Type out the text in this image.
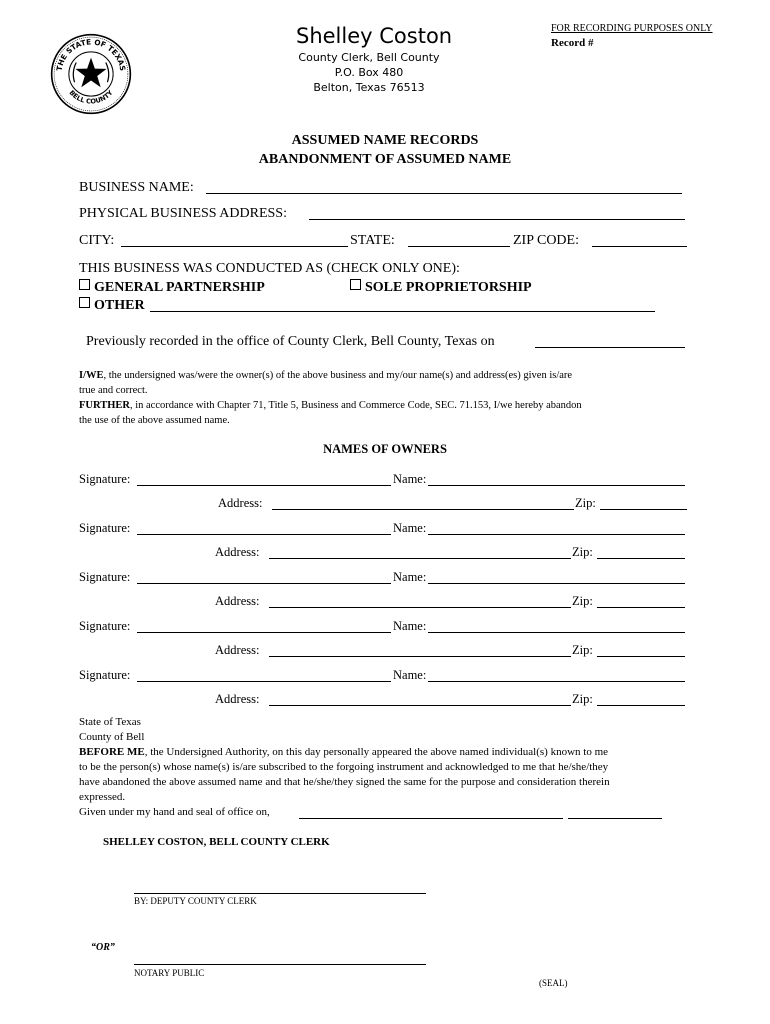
THE STATE OF TEXAS
BELL COUNTY
Shelley Coston
County Clerk, Bell County
P.O. Box 480
Belton, Texas 76513
FOR RECORDING PURPOSES ONLY
Record #
ASSUMED NAME RECORDS
ABANDONMENT OF ASSUMED NAME
BUSINESS NAME:
PHYSICAL BUSINESS ADDRESS:
CITY:	STATE:	ZIP CODE:
THIS BUSINESS WAS CONDUCTED AS (CHECK ONLY ONE):
GENERAL PARTNERSHIP	SOLE PROPRIETORSHIP
OTHER
Previously recorded in the office of County Clerk, Bell County, Texas on
I/WE, the undersigned was/were the owner(s) of the above business and my/our name(s) and address(es) given is/are
true and correct.
FURTHER, in accordance with Chapter 71, Title 5, Business and Commerce Code, SEC. 71.153, I/we hereby abandon
the use of the above assumed name.
NAMES OF OWNERS
Signature:	Name:
Address:	Zip:
Signature:	Name:
Address:	Zip:
Signature:	Name:
Address:	Zip:
Signature:	Name:
Address:	Zip:
Signature:	Name:
Address:	Zip:
State of Texas
County of Bell
BEFORE ME, the Undersigned Authority, on this day personally appeared the above named individual(s) known to me
to be the person(s) whose name(s) is/are subscribed to the forgoing instrument and acknowledged to me that he/she/they
have abandoned the above assumed name and that he/she/they signed the same for the purpose and consideration therein
expressed.
Given under my hand and seal of office on,
SHELLEY COSTON, BELL COUNTY CLERK
BY: DEPUTY COUNTY CLERK
“OR”
NOTARY PUBLIC
(SEAL)
